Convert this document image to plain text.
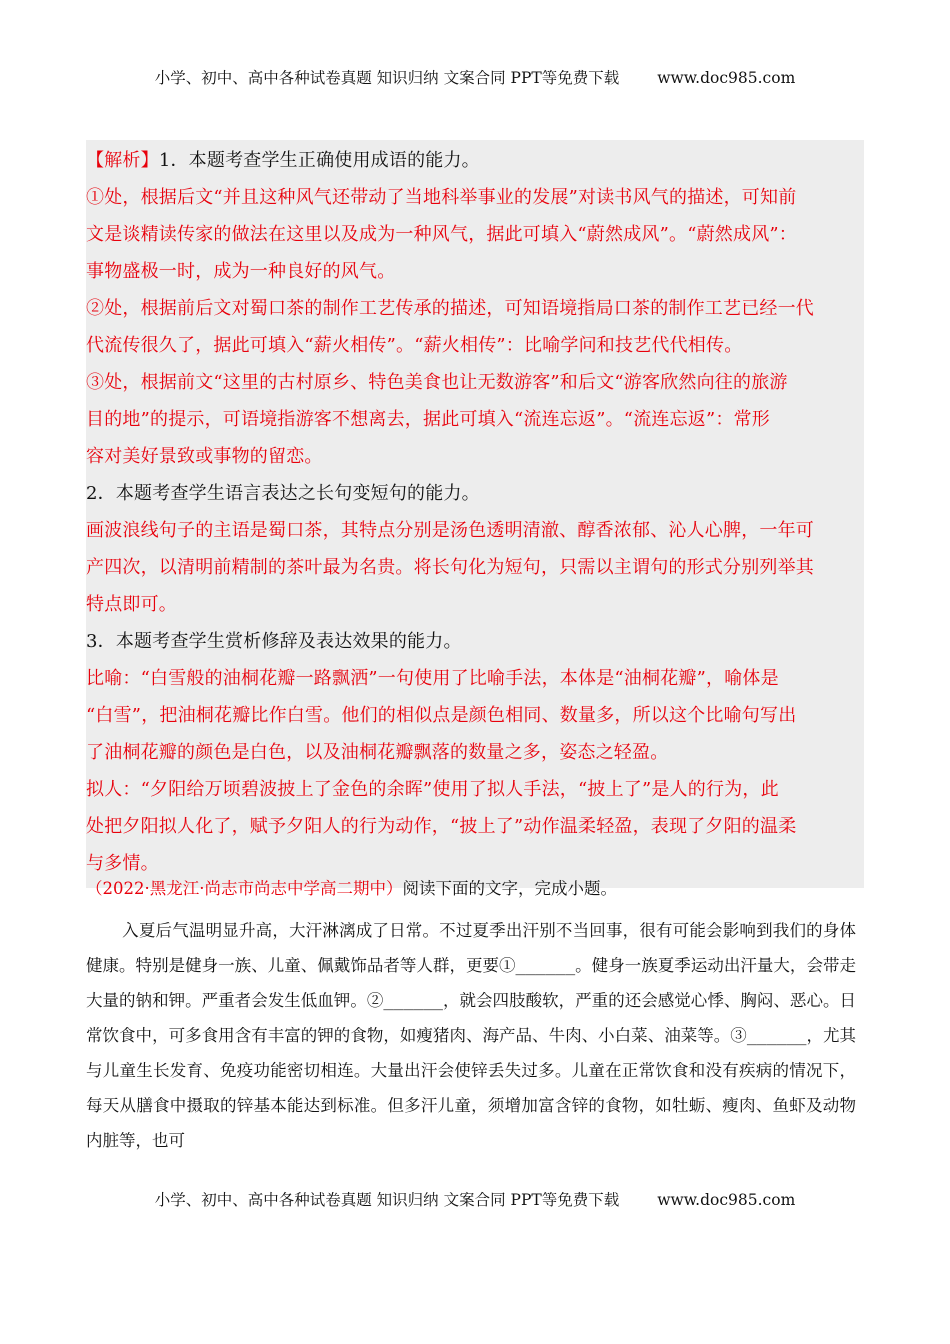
小学、初中、高中各种试卷真题 知识归纳 文案合同 PPT等免费下载 www.doc985.com

【解析】1．本题考查学生正确使用成语的能力。

①处，根据后文“并且这种风气还带动了当地科举事业的发展”对读书风气的描述，可知前

文是谈精读传家的做法在这里以及成为一种风气，据此可填入“蔚然成风”。“蔚然成风”：

事物盛极一时，成为一种良好的风气。

②处，根据前后文对蜀口茶的制作工艺传承的描述，可知语境指局口茶的制作工艺已经一代

代流传很久了，据此可填入“薪火相传”。“薪火相传”：比喻学问和技艺代代相传。

③处，根据前文“这里的古村原乡、特色美食也让无数游客”和后文“游客欣然向往的旅游

目的地”的提示，可语境指游客不想离去，据此可填入“流连忘返”。“流连忘返”：常形

容对美好景致或事物的留恋。

2．本题考查学生语言表达之长句变短句的能力。

画波浪线句子的主语是蜀口茶，其特点分别是汤色透明清澈、醇香浓郁、沁人心脾，一年可

产四次，以清明前精制的茶叶最为名贵。将长句化为短句，只需以主谓句的形式分别列举其

特点即可。

3．本题考查学生赏析修辞及表达效果的能力。

比喻：“白雪般的油桐花瓣一路飘洒”一句使用了比喻手法，本体是“油桐花瓣”，喻体是

“白雪”，把油桐花瓣比作白雪。他们的相似点是颜色相同、数量多，所以这个比喻句写出

了油桐花瓣的颜色是白色，以及油桐花瓣飘落的数量之多，姿态之轻盈。

拟人：“夕阳给万顷碧波披上了金色的余晖”使用了拟人手法，“披上了”是人的行为，此

处把夕阳拟人化了，赋予夕阳人的行为动作，“披上了”动作温柔轻盈，表现了夕阳的温柔

与多情。

（2022·黑龙江·尚志市尚志中学高二期中）阅读下面的文字，完成小题。

入夏后气温明显升高，大汗淋漓成了日常。不过夏季出汗别不当回事，很有可能会影响到我们的身体健康。特别是健身一族、儿童、佩戴饰品者等人群，更要①______。健身一族夏季运动出汗量大，会带走大量的钠和钾。严重者会发生低血钾。②______，就会四肢酸软，严重的还会感觉心悸、胸闷、恶心。日常饮食中，可多食用含有丰富的钾的食物，如瘦猪肉、海产品、牛肉、小白菜、油菜等。③______，尤其与儿童生长发育、免疫功能密切相连。大量出汗会使锌丢失过多。儿童在正常饮食和没有疾病的情况下，每天从膳食中摄取的锌基本能达到标准。但多汗儿童，须增加富含锌的食物，如牡蛎、瘦肉、鱼虾及动物内脏等，也可

小学、初中、高中各种试卷真题 知识归纳 文案合同 PPT等免费下载 www.doc985.com
